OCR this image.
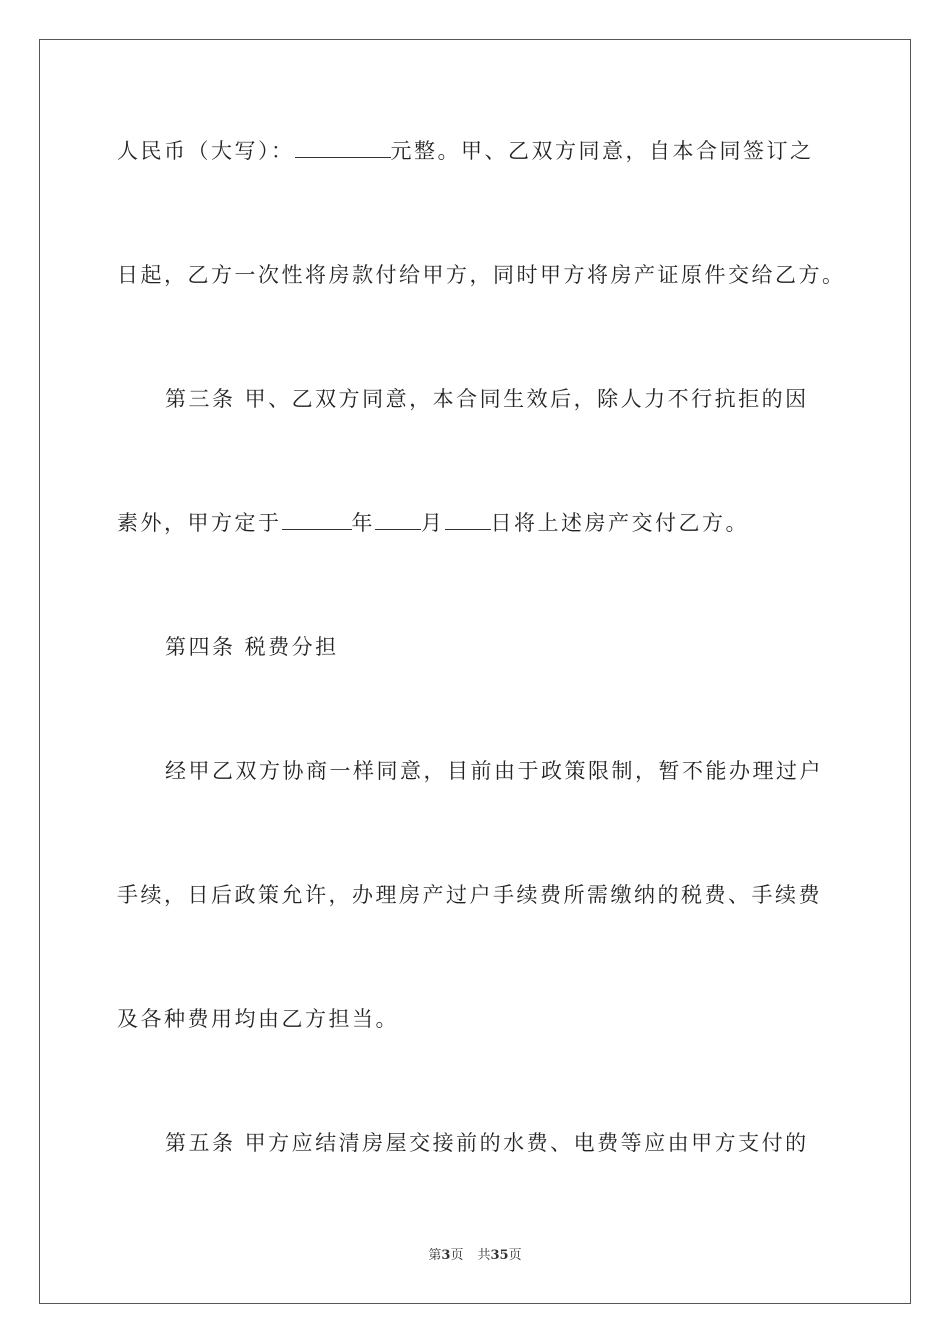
人民币（大写）：	元整。甲、乙双方同意，自本合同签订之
日起，乙方一次性将房款付给甲方，同时甲方将房产证原件交给乙方。
第三条 甲、乙双方同意，本合同生效后，除人力不行抗拒的因
素外，甲方定于	年 月 日将上述房产交付乙方。
第四条 税费分担
经甲乙双方协商一样同意，目前由于政策限制，暂不能办理过户
手续，日后政策允许，办理房产过户手续费所需缴纳的税费、手续费
及各种费用均由乙方担当。
第五条 甲方应结清房屋交接前的水费、电费等应由甲方支付的
第3页 共35页
